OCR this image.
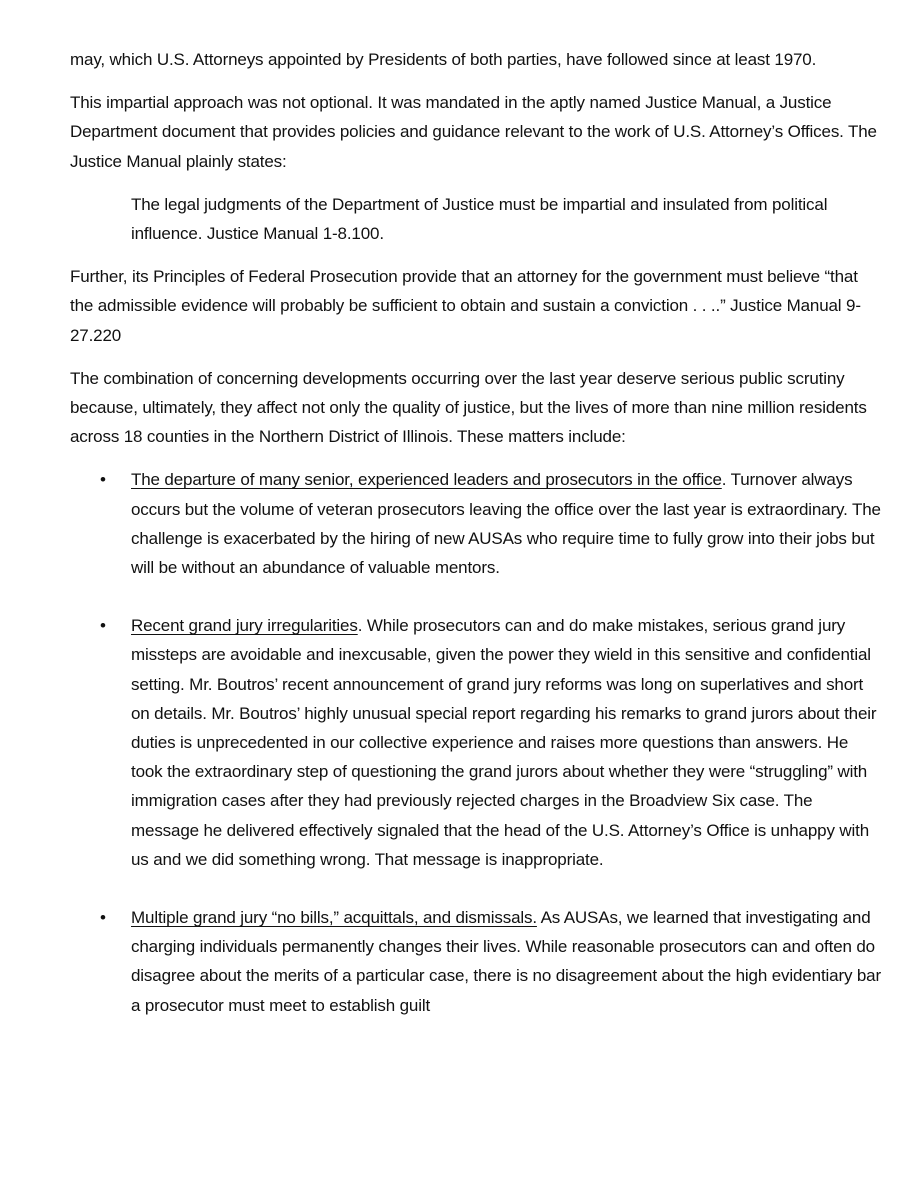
may, which U.S. Attorneys appointed by Presidents of both parties, have followed since at least 1970.

This impartial approach was not optional. It was mandated in the aptly named Justice Manual, a Justice Department document that provides policies and guidance relevant to the work of U.S. Attorney’s Offices. The Justice Manual plainly states:

The legal judgments of the Department of Justice must be impartial and insulated from political influence. Justice Manual 1-8.100.

Further, its Principles of Federal Prosecution provide that an attorney for the government must believe “that the admissible evidence will probably be sufficient to obtain and sustain a conviction . . ..” Justice Manual 9-27.220

The combination of concerning developments occurring over the last year deserve serious public scrutiny because, ultimately, they affect not only the quality of justice, but the lives of more than nine million residents across 18 counties in the Northern District of Illinois. These matters include:

• The departure of many senior, experienced leaders and prosecutors in the office. Turnover always occurs but the volume of veteran prosecutors leaving the office over the last year is extraordinary. The challenge is exacerbated by the hiring of new AUSAs who require time to fully grow into their jobs but will be without an abundance of valuable mentors.
• Recent grand jury irregularities. While prosecutors can and do make mistakes, serious grand jury missteps are avoidable and inexcusable, given the power they wield in this sensitive and confidential setting. Mr. Boutros’ recent announcement of grand jury reforms was long on superlatives and short on details. Mr. Boutros’ highly unusual special report regarding his remarks to grand jurors about their duties is unprecedented in our collective experience and raises more questions than answers. He took the extraordinary step of questioning the grand jurors about whether they were “struggling” with immigration cases after they had previously rejected charges in the Broadview Six case. The message he delivered effectively signaled that the head of the U.S. Attorney’s Office is unhappy with us and we did something wrong. That message is inappropriate.
• Multiple grand jury “no bills,” acquittals, and dismissals. As AUSAs, we learned that investigating and charging individuals permanently changes their lives. While reasonable prosecutors can and often do disagree about the merits of a particular case, there is no disagreement about the high evidentiary bar a prosecutor must meet to establish guilt
